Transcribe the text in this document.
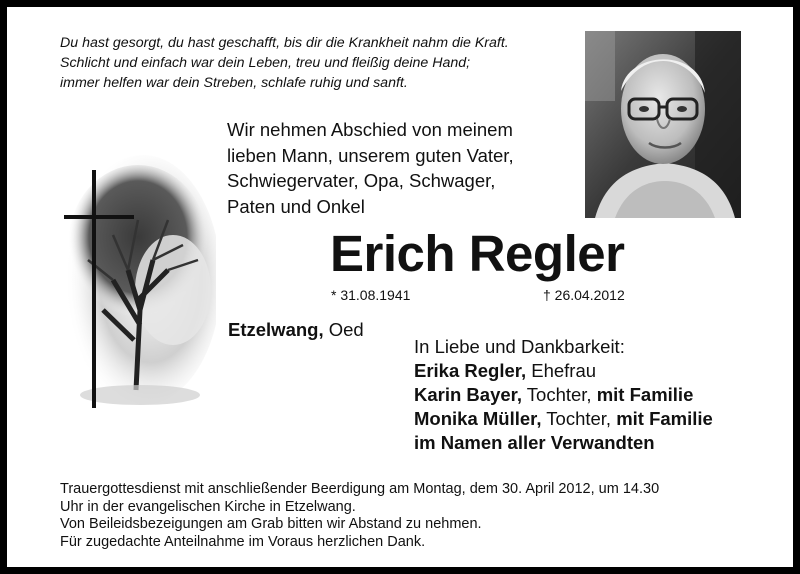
Du hast gesorgt, du hast geschafft, bis dir die Krankheit nahm die Kraft.
Schlicht und einfach war dein Leben, treu und fleißig deine Hand;
immer helfen war dein Streben, schlafe ruhig und sanft.
Wir nehmen Abschied von meinem
lieben Mann, unserem guten Vater,
Schwiegervater, Opa, Schwager,
Paten und Onkel
Erich Regler
* 31.08.1941	† 26.04.2012
Etzelwang, Oed
In Liebe und Dankbarkeit:
Erika Regler, Ehefrau
Karin Bayer, Tochter, mit Familie
Monika Müller, Tochter, mit Familie
im Namen aller Verwandten
Trauergottesdienst mit anschließender Beerdigung am Montag, dem 30. April 2012, um 14.30
Uhr in der evangelischen Kirche in Etzelwang.
Von Beileidsbezeigungen am Grab bitten wir Abstand zu nehmen.
Für zugedachte Anteilnahme im Voraus herzlichen Dank.
